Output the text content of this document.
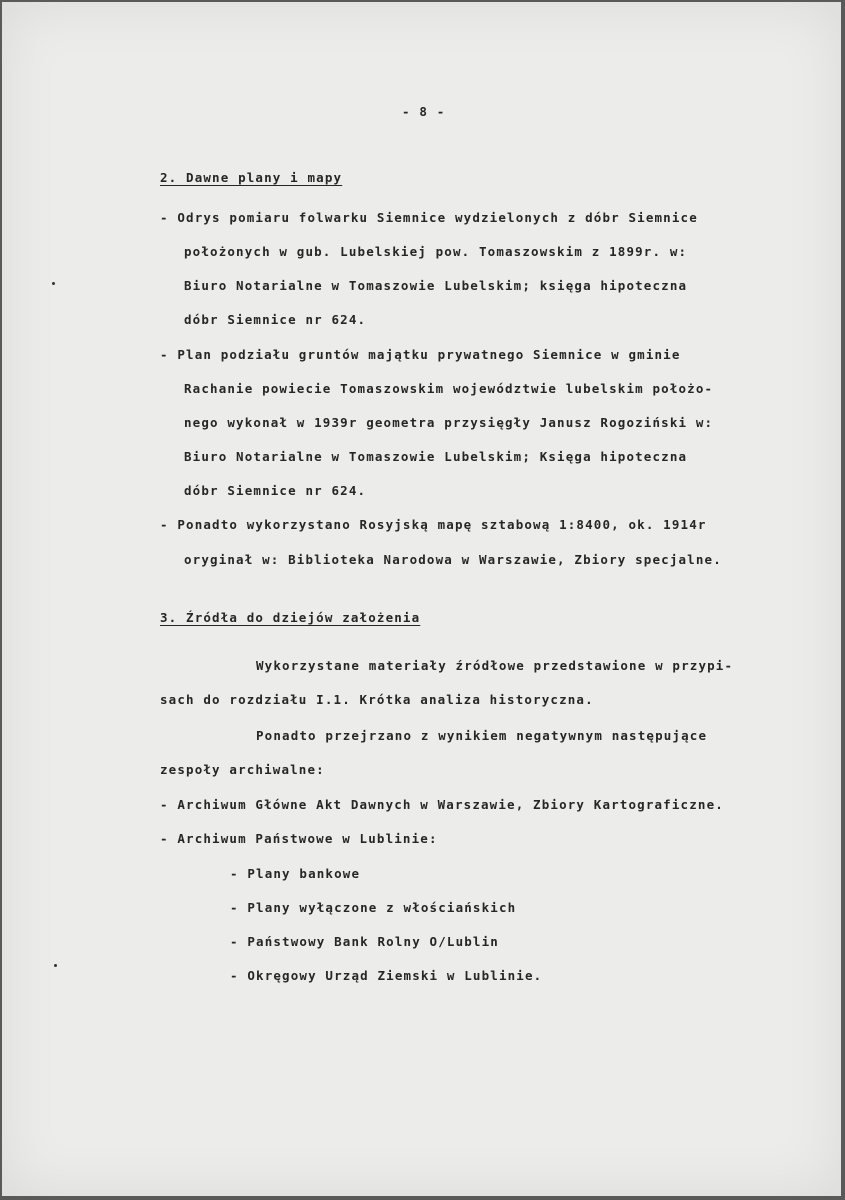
- 8 -
2. Dawne plany i mapy
- Odrys pomiaru folwarku Siemnice wydzielonych z dóbr Siemnice
położonych w gub. Lubelskiej pow. Tomaszowskim z 1899r. w:
Biuro Notarialne w Tomaszowie Lubelskim; księga hipoteczna
dóbr Siemnice nr 624.
- Plan podziału gruntów majątku prywatnego Siemnice w gminie
Rachanie powiecie Tomaszowskim województwie lubelskim położo-
nego wykonał w 1939r geometra przysięgły Janusz Rogoziński w:
Biuro Notarialne w Tomaszowie Lubelskim; Księga hipoteczna
dóbr Siemnice nr 624.
- Ponadto wykorzystano Rosyjską mapę sztabową 1:8400, ok. 1914r
oryginał w: Biblioteka Narodowa w Warszawie, Zbiory specjalne.
3. Źródła do dziejów założenia
Wykorzystane materiały źródłowe przedstawione w przypi-
sach do rozdziału I.1. Krótka analiza historyczna.
Ponadto przejrzano z wynikiem negatywnym następujące
zespoły archiwalne:
- Archiwum Główne Akt Dawnych w Warszawie, Zbiory Kartograficzne.
- Archiwum Państwowe w Lublinie:
- Plany bankowe
- Plany wyłączone z włościańskich
- Państwowy Bank Rolny O/Lublin
- Okręgowy Urząd Ziemski w Lublinie.
